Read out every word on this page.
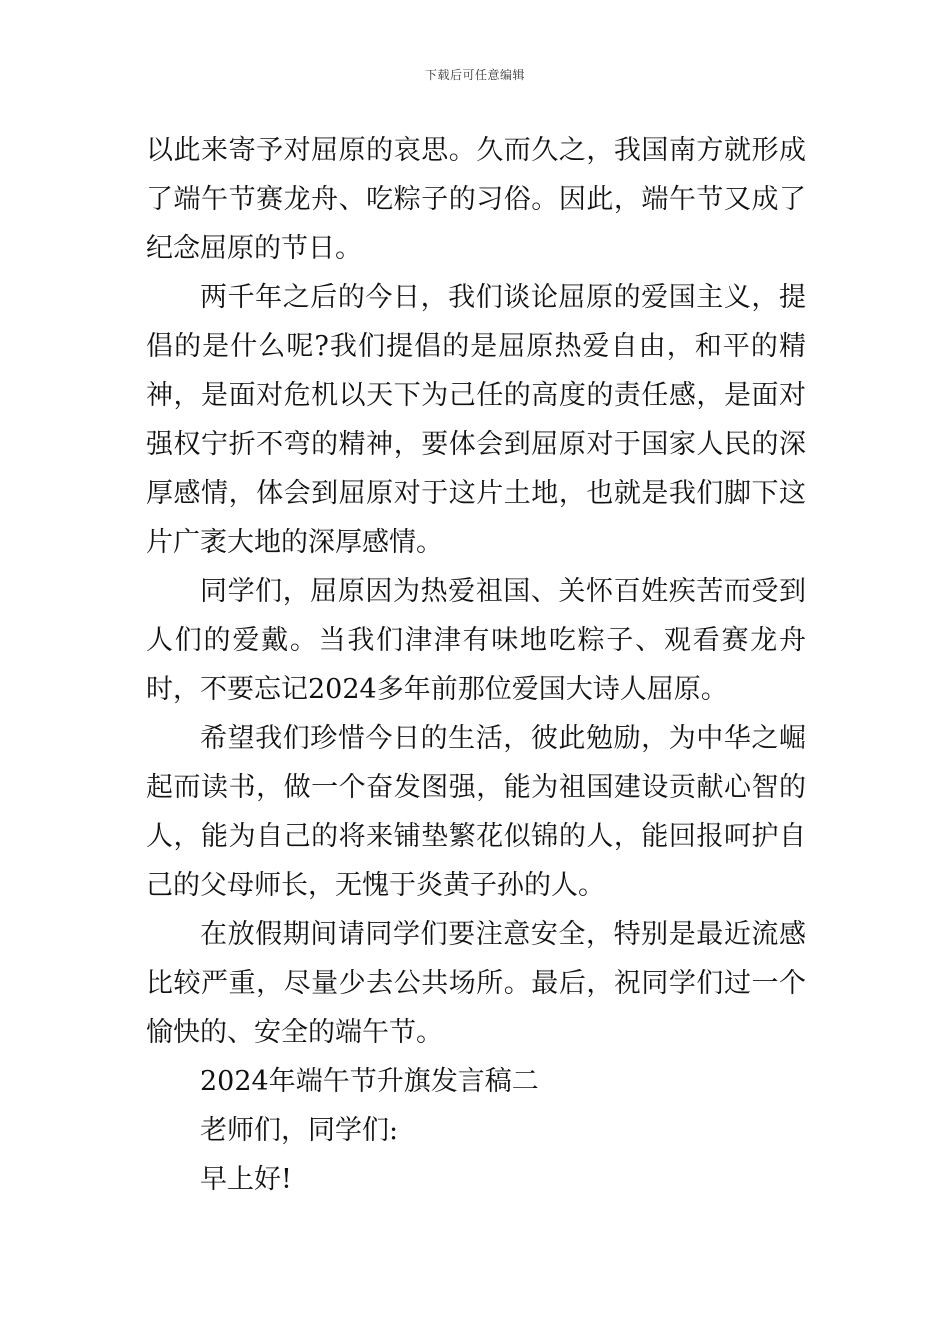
下载后可任意编辑

以此来寄予对屈原的哀思。久而久之，我国南方就形成了端午节赛龙舟、吃粽子的习俗。因此，端午节又成了纪念屈原的节日。

两千年之后的今日，我们谈论屈原的爱国主义，提倡的是什么呢?我们提倡的是屈原热爱自由，和平的精神，是面对危机以天下为己任的高度的责任感，是面对强权宁折不弯的精神，要体会到屈原对于国家人民的深厚感情，体会到屈原对于这片土地，也就是我们脚下这片广袤大地的深厚感情。

同学们，屈原因为热爱祖国、关怀百姓疾苦而受到人们的爱戴。当我们津津有味地吃粽子、观看赛龙舟时，不要忘记2024多年前那位爱国大诗人屈原。

希望我们珍惜今日的生活，彼此勉励，为中华之崛起而读书，做一个奋发图强，能为祖国建设贡献心智的人，能为自己的将来铺垫繁花似锦的人，能回报呵护自己的父母师长，无愧于炎黄子孙的人。

在放假期间请同学们要注意安全，特别是最近流感比较严重，尽量少去公共场所。最后，祝同学们过一个愉快的、安全的端午节。

2024年端午节升旗发言稿二

老师们，同学们:

早上好!
